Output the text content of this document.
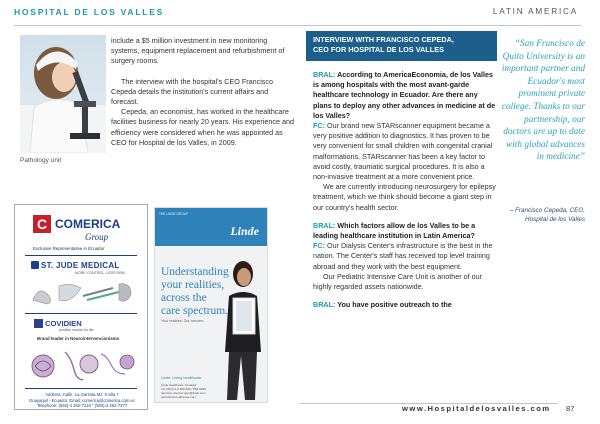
HOSPITAL DE LOS VALLES	LATIN AMERICA
Pathology unit

include a $5 million investment in new monitoring systems, equipment replacement and refurbishment of surgery rooms.

The interview with the hospital's CEO Francisco Cepeda details the institution's current affairs and forecast.

Cepeda, an economist, has worked in the healthcare facilities business for nearly 20 years. His experience and efficiency were considered when he was appointed as CEO for Hospital de los Valles, in 2009.

INTERVIEW WITH FRANCISCO CEPEDA,
CEO FOR HOSPITAL DE LOS VALLES

BRAL: According to AmericaEconomia, de los Valles is among hospitals with the most avant-garde healthcare technology in Ecuador. Are there any plans to deploy any other advances in medicine at de los Valles?

FC: Our brand new STARscanner equipment became a very positive addition to diagnostics. It has proven to be very convenient for small children with congenital cranial malformations. STARscanner has been a key factor to avoid costly, traumatic surgical procedures. It is also a non-invasive treatment at a more convenient price.

We are currently introducing neurosurgery for epilepsy treatment, which we think should become a giant step in our country's health sector.

BRAL: Which factors allow de los Valles to be a leading healthcare institution in Latin America?

FC: Our Dialysis Center's infrastructure is the best in the nation. The Center's staff has received top level training abroad and they work with the best equipment.

Our Pediatric Intensive Care Unit is another of our highly regarded assets nationwide.

BRAL: You have positive outreach to the

“San Francisco de Quito University is an important partner and Ecuador's most prominent private college. Thanks to our partnership, our doctors are up to date with global advances in medicine”
– Francisco Cepeda, CEO,
Hospital de los Valles
www.Hospitaldelosvalles.com 87
C COMERICA
Group
Exclusive Representative in Ecuador
ST. JUDE MEDICAL
MORE CONTROL. LESS RISK.
COVIDIEN
positive results for life
Brand leader in Neurointervencionismo
Address: Calle. La Garzota Mz. 5 villa 7
Guayaquil - Ecuador. Email: comerica@comerica.com.ec
Telephone: (593)-4 262-7216 * (593)-4 262-7377
THE LINDE GROUP
Linde
Understanding
your realities,
across the
care spectrum.
Your realities. Our concern.
Linde: Living healthcare.
Linde Healthcare, Ecuador
Tel: (593)-2-2 ###-### / ###-####
atencion.clientes.lgec@linde.com
www.linde-healthcare.com
